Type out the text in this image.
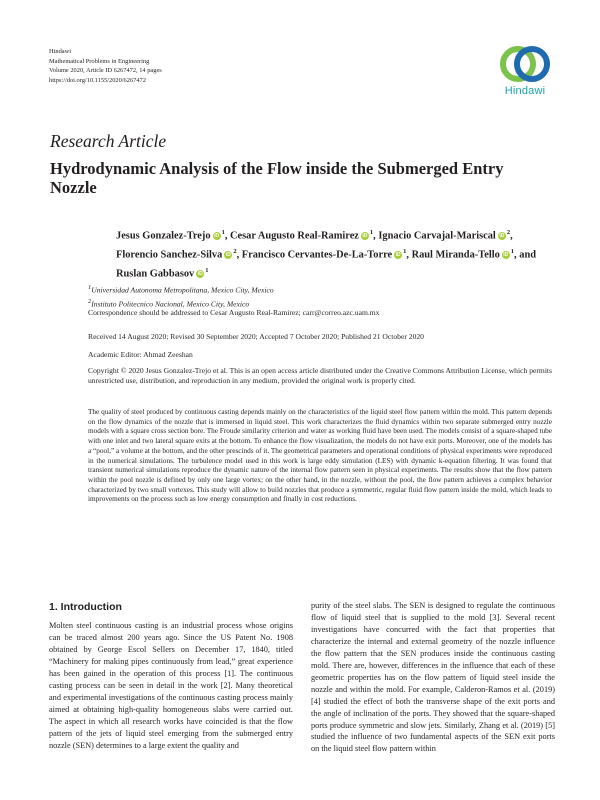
Hindawi
Mathematical Problems in Engineering
Volume 2020, Article ID 6267472, 14 pages
https://doi.org/10.1155/2020/6267472
Hindawi
Research Article
Hydrodynamic Analysis of the Flow inside the Submerged Entry Nozzle
Jesus Gonzalez-Trejo $iD^1$, Cesar Augusto Real-Ramirez $iD^1$, Ignacio Carvajal-Mariscal $iD^2$, Florencio Sanchez-Silva $iD^2$, Francisco Cervantes-De-La-Torre $iD^1$, Raul Miranda-Tello $iD^1$, and Ruslan Gabbasov $iD^1$
$^1$Universidad Autonoma Metropolitana, Mexico City, Mexico
$^2$Instituto Politecnico Nacional, Mexico City, Mexico
Correspondence should be addressed to Cesar Augusto Real-Ramirez; carr@correo.azc.uam.mx
Received 14 August 2020; Revised 30 September 2020; Accepted 7 October 2020; Published 21 October 2020
Academic Editor: Ahmad Zeeshan
Copyright © 2020 Jesus Gonzalez-Trejo et al. This is an open access article distributed under the Creative Commons Attribution License, which permits unrestricted use, distribution, and reproduction in any medium, provided the original work is properly cited.
The quality of steel produced by continuous casting depends mainly on the characteristics of the liquid steel flow pattern within the mold. This pattern depends on the flow dynamics of the nozzle that is immersed in liquid steel. This work characterizes the fluid dynamics within two separate submerged entry nozzle models with a square cross section bore. The Froude similarity criterion and water as working fluid have been used. The models consist of a square-shaped tube with one inlet and two lateral square exits at the bottom. To enhance the flow visualization, the models do not have exit ports. Moreover, one of the models has a “pool,” a volume at the bottom, and the other prescinds of it. The geometrical parameters and operational conditions of physical experiments were reproduced in the numerical simulations. The turbulence model used in this work is large eddy simulation (LES) with dynamic k-equation filtering. It was found that transient numerical simulations reproduce the dynamic nature of the internal flow pattern seen in physical experiments. The results show that the flow pattern within the pool nozzle is defined by only one large vortex; on the other hand, in the nozzle, without the pool, the flow pattern achieves a complex behavior characterized by two small vortexes. This study will allow to build nozzles that produce a symmetric, regular fluid flow pattern inside the mold, which leads to improvements on the process such as low energy consumption and finally in cost reductions.
1. Introduction
Molten steel continuous casting is an industrial process whose origins can be traced almost 200 years ago. Since the US Patent No. 1908 obtained by George Escol Sellers on December 17, 1840, titled “Machinery for making pipes continuously from lead,” great experience has been gained in the operation of this process [1]. The continuous casting process can be seen in detail in the work [2]. Many theoretical and experimental investigations of the continuous casting process mainly aimed at obtaining high-quality homogeneous slabs were carried out. The aspect in which all research works have coincided is that the flow pattern of the jets of liquid steel emerging from the submerged entry nozzle (SEN) determines to a large extent the quality and
purity of the steel slabs. The SEN is designed to regulate the continuous flow of liquid steel that is supplied to the mold [3]. Several recent investigations have concurred with the fact that properties that characterize the internal and external geometry of the nozzle influence the flow pattern that the SEN produces inside the continuous casting mold. There are, however, differences in the influence that each of these geometric properties has on the flow pattern of liquid steel inside the nozzle and within the mold. For example, Calderon-Ramos et al. (2019) [4] studied the effect of both the transverse shape of the exit ports and the angle of inclination of the ports. They showed that the square-shaped ports produce symmetric and slow jets. Similarly, Zhang et al. (2019) [5] studied the influence of two fundamental aspects of the SEN exit ports on the liquid steel flow pattern within
